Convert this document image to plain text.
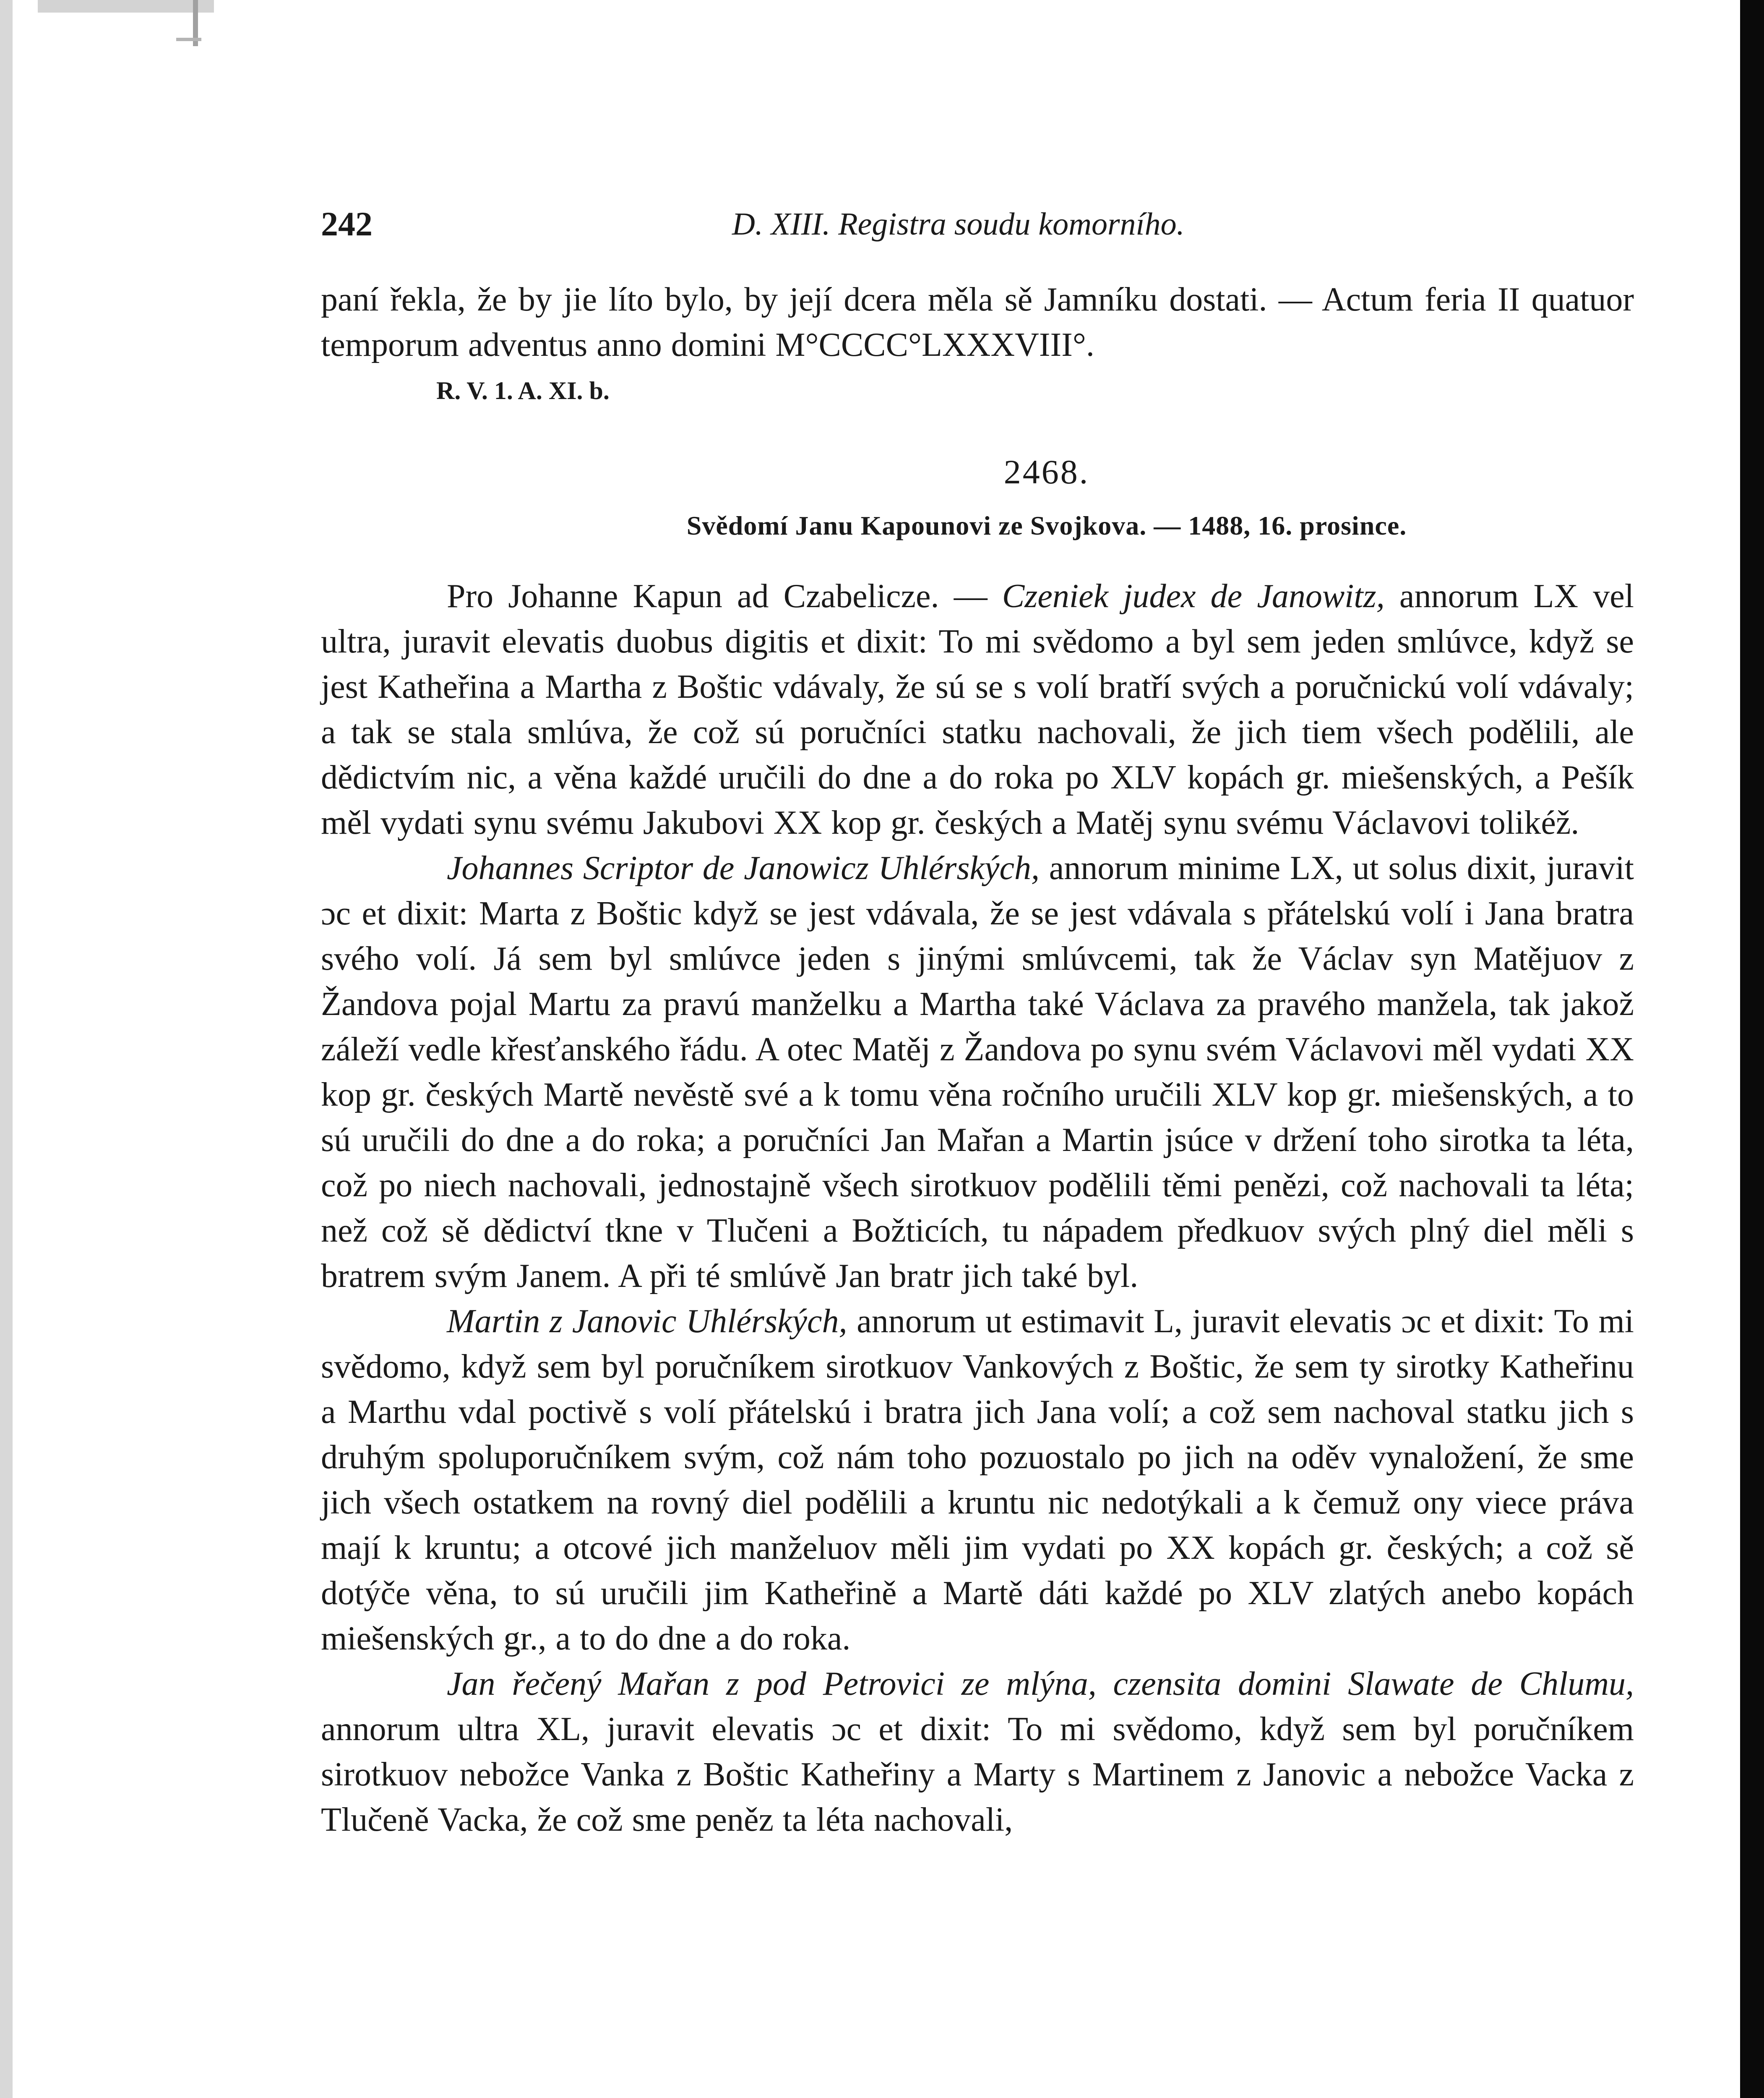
242	D. XIII. Registra soudu komorního.

paní řekla, že by jie líto bylo, by její dcera měla sě Jamníku dostati. — Actum feria II quatuor temporum adventus anno domini M°CCCC°LXXXVIII°.

R. V. 1. A. XI. b.
2468.
Svědomí Janu Kapounovi ze Svojkova. — 1488, 16. prosince.

Pro Johanne Kapun ad Czabelicze. — Czeniek judex de Janowitz, annorum LX vel ultra, juravit elevatis duobus digitis et dixit: To mi svědomo a byl sem jeden smlúvce, když se jest Katheřina a Martha z Boštic vdávaly, že sú se s volí bratří svých a poručnickú volí vdávaly; a tak se stala smlúva, že což sú poručníci statku nachovali, že jich tiem všech podělili, ale dědictvím nic, a věna každé uručili do dne a do roka po XLV kopách gr. miešenských, a Pešík měl vydati synu svému Jakubovi XX kop gr. českých a Matěj synu svému Václavovi tolikéž.

Johannes Scriptor de Janowicz Uhlérských, annorum minime LX, ut solus dixit, juravit ɔc et dixit: Marta z Boštic když se jest vdávala, že se jest vdávala s přátelskú volí i Jana bratra svého volí. Já sem byl smlúvce jeden s jinými smlúvcemi, tak že Václav syn Matějuov z Žandova pojal Martu za pravú manželku a Martha také Václava za pravého manžela, tak jakož záleží vedle křesťanského řádu. A otec Matěj z Žandova po synu svém Václavovi měl vydati XX kop gr. českých Martě nevěstě své a k tomu věna ročního uručili XLV kop gr. miešenských, a to sú uručili do dne a do roka; a poručníci Jan Mařan a Martin jsúce v držení toho sirotka ta léta, což po niech nachovali, jednostajně všech sirotkuov podělili těmi penězi, což nachovali ta léta; než což sě dědictví tkne v Tlučeni a Božticích, tu nápadem předkuov svých plný diel měli s bratrem svým Janem. A při té smlúvě Jan bratr jich také byl.

Martin z Janovic Uhlérských, annorum ut estimavit L, juravit elevatis ɔc et dixit: To mi svědomo, když sem byl poručníkem sirotkuov Vankových z Boštic, že sem ty sirotky Katheřinu a Marthu vdal poctivě s volí přátelskú i bratra jich Jana volí; a což sem nachoval statku jich s druhým spoluporučníkem svým, což nám toho pozuostalo po jich na oděv vynaložení, že sme jich všech ostatkem na rovný diel podělili a kruntu nic nedotýkali a k čemuž ony viece práva mají k kruntu; a otcové jich manželuov měli jim vydati po XX kopách gr. českých; a což sě dotýče věna, to sú uručili jim Katheřině a Martě dáti každé po XLV zlatých anebo kopách miešenských gr., a to do dne a do roka.

Jan řečený Mařan z pod Petrovici ze mlýna, czensita domini Slawate de Chlumu, annorum ultra XL, juravit elevatis ɔc et dixit: To mi svědomo, když sem byl poručníkem sirotkuov nebožce Vanka z Boštic Katheřiny a Marty s Martinem z Janovic a nebožce Vacka z Tlučeně Vacka, že což sme peněz ta léta nachovali,
